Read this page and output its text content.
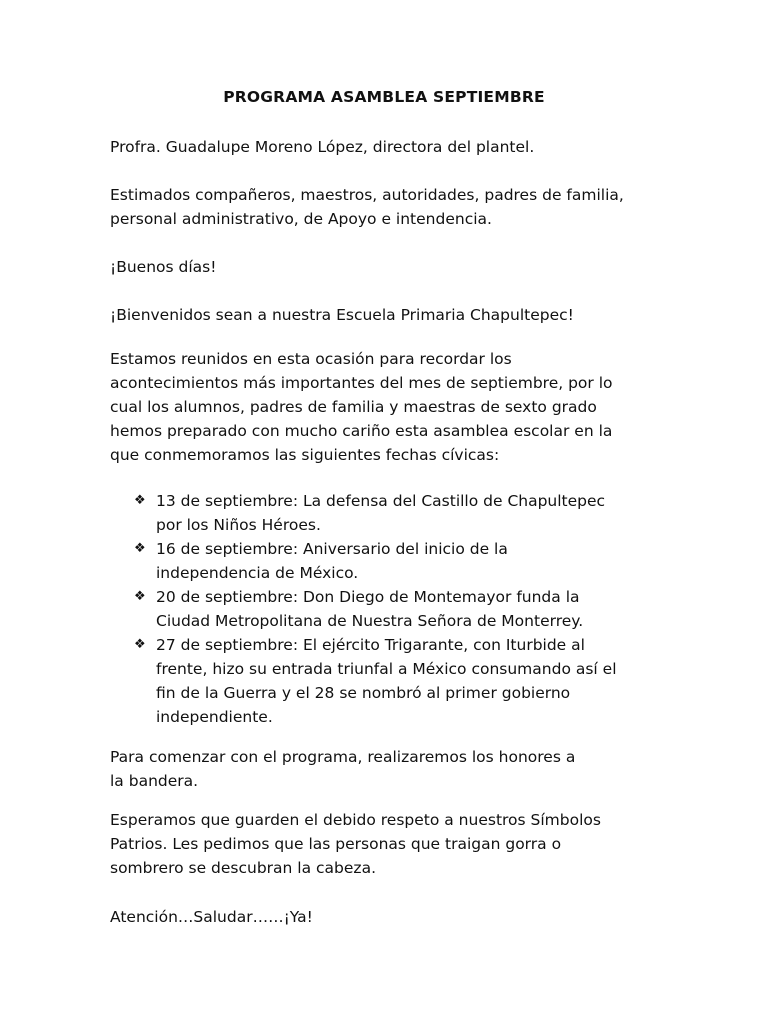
PROGRAMA ASAMBLEA SEPTIEMBRE
Profra. Guadalupe Moreno López, directora del plantel.
Estimados compañeros, maestros, autoridades, padres de familia,
personal administrativo, de Apoyo e intendencia.
¡Buenos días!
¡Bienvenidos sean a nuestra Escuela Primaria Chapultepec!
Estamos reunidos en esta ocasión para recordar los
acontecimientos más importantes del mes de septiembre, por lo
cual los alumnos, padres de familia y maestras de sexto grado
hemos preparado con mucho cariño esta asamblea escolar en la
que conmemoramos las siguientes fechas cívicas:
❖ 13 de septiembre: La defensa del Castillo de Chapultepec
por los Niños Héroes.
❖ 16 de septiembre: Aniversario del inicio de la
independencia de México.
❖ 20 de septiembre: Don Diego de Montemayor funda la
Ciudad Metropolitana de Nuestra Señora de Monterrey.
❖ 27 de septiembre: El ejército Trigarante, con Iturbide al
frente, hizo su entrada triunfal a México consumando así el
fin de la Guerra y el 28 se nombró al primer gobierno
independiente.
Para comenzar con el programa, realizaremos los honores a
la bandera.
Esperamos que guarden el debido respeto a nuestros Símbolos
Patrios. Les pedimos que las personas que traigan gorra o
sombrero se descubran la cabeza.
Atención…Saludar……¡Ya!
